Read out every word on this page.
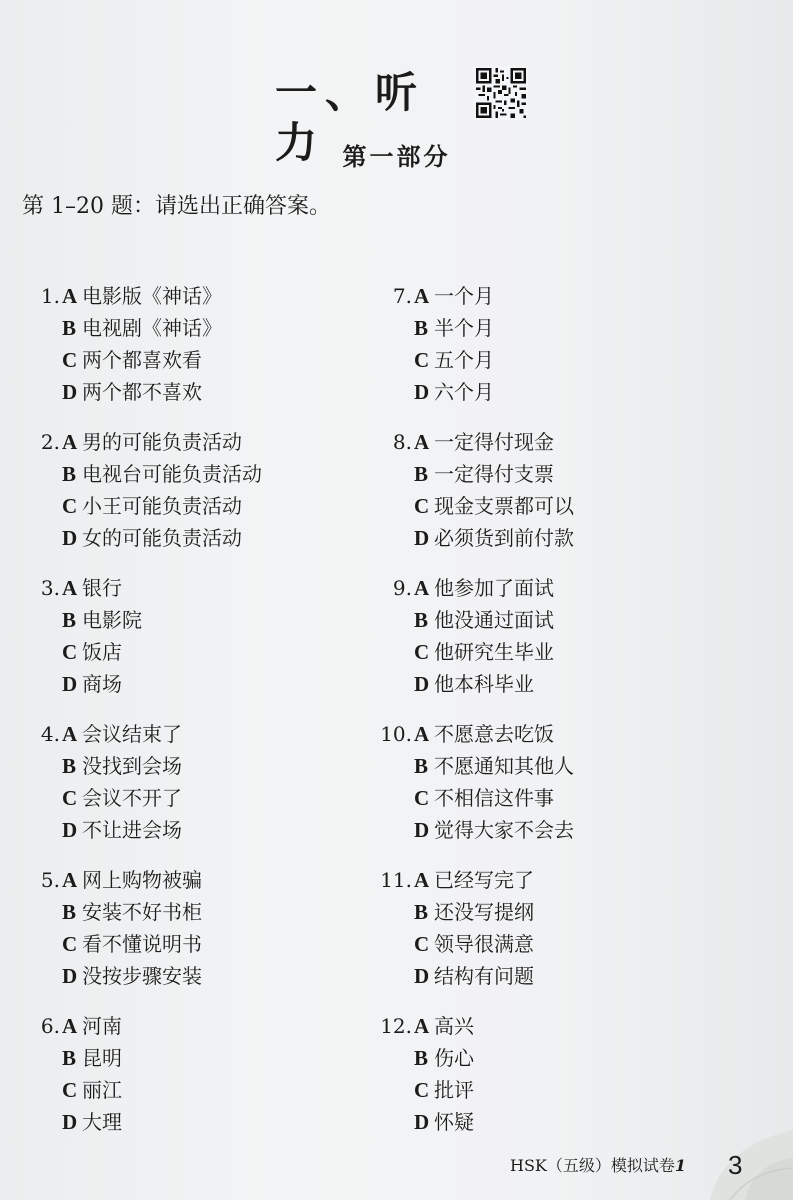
一、听 力 第一部分
第 1–20 题：请选出正确答案。
1. A 电影版《神话》
B 电视剧《神话》
C 两个都喜欢看
D 两个都不喜欢
2. A 男的可能负责活动
B 电视台可能负责活动
C 小王可能负责活动
D 女的可能负责活动
3. A 银行
B 电影院
C 饭店
D 商场
4. A 会议结束了
B 没找到会场
C 会议不开了
D 不让进会场
5. A 网上购物被骗
B 安装不好书柜
C 看不懂说明书
D 没按步骤安装
6. A 河南
B 昆明
C 丽江
D 大理
7. A 一个月
B 半个月
C 五个月
D 六个月
8. A 一定得付现金
B 一定得付支票
C 现金支票都可以
D 必须货到前付款
9. A 他参加了面试
B 他没通过面试
C 他研究生毕业
D 他本科毕业
10. A 不愿意去吃饭
B 不愿通知其他人
C 不相信这件事
D 觉得大家不会去
11. A 已经写完了
B 还没写提纲
C 领导很满意
D 结构有问题
12. A 高兴
B 伤心
C 批评
D 怀疑
HSK（五级）模拟试卷1 3
